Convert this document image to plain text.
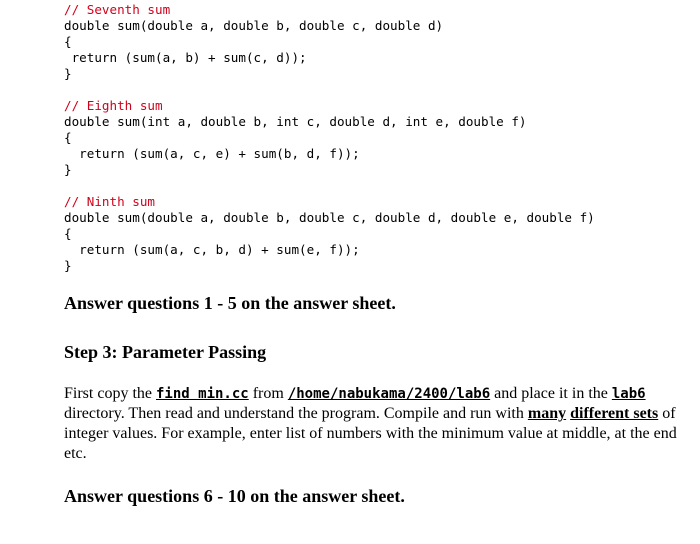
// Seventh sum
double sum(double a, double b, double c, double d)
{
return (sum(a, b) + sum(c, d));
}
// Eighth sum
double sum(int a, double b, int c, double d, int e, double f)
{
return (sum(a, c, e) + sum(b, d, f));
}
// Ninth sum
double sum(double a, double b, double c, double d, double e, double f)
{
return (sum(a, c, b, d) + sum(e, f));
}
Answer questions 1 - 5 on the answer sheet.
Step 3: Parameter Passing
First copy the find min.cc from /home/nabukama/2400/lab6 and place it in the lab6 directory. Then read and understand the program. Compile and run with many different sets of integer values. For example, enter list of numbers with the minimum value at middle, at the end etc.
Answer questions 6 - 10 on the answer sheet.
